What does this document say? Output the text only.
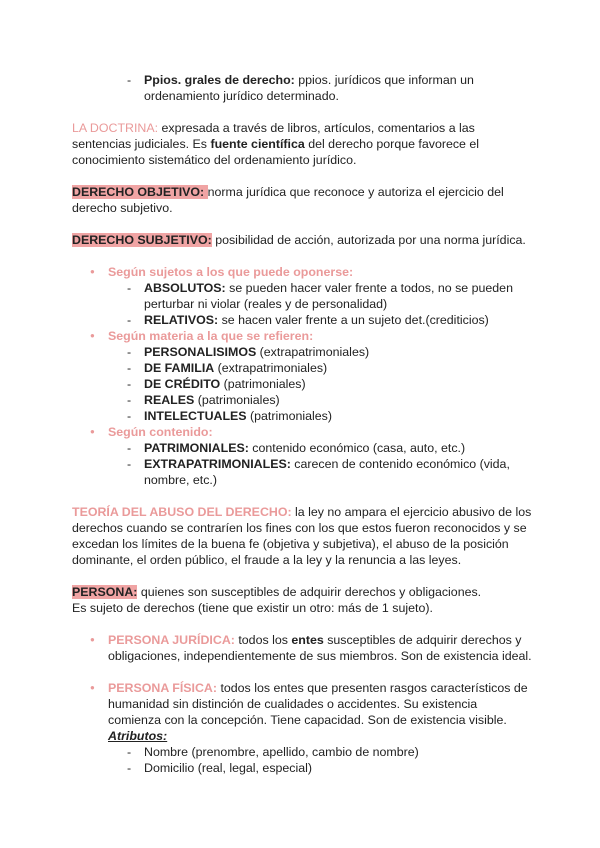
- Ppios. grales de derecho: ppios. jurídicos que informan un ordenamiento jurídico determinado.

LA DOCTRINA: expresada a través de libros, artículos, comentarios a las sentencias judiciales. Es fuente científica del derecho porque favorece el conocimiento sistemático del ordenamiento jurídico.

DERECHO OBJETIVO: norma jurídica que reconoce y autoriza el ejercicio del derecho subjetivo.

DERECHO SUBJETIVO: posibilidad de acción, autorizada por una norma jurídica.

● Según sujetos a los que puede oponerse:
- ABSOLUTOS: se pueden hacer valer frente a todos, no se pueden perturbar ni violar (reales y de personalidad)
- RELATIVOS: se hacen valer frente a un sujeto det.(crediticios)
● Según materia a la que se refieren:
- PERSONALISIMOS (extrapatrimoniales)
- DE FAMILIA (extrapatrimoniales)
- DE CRÉDITO (patrimoniales)
- REALES (patrimoniales)
- INTELECTUALES (patrimoniales)
● Según contenido:
- PATRIMONIALES: contenido económico (casa, auto, etc.)
- EXTRAPATRIMONIALES: carecen de contenido económico (vida, nombre, etc.)

TEORÍA DEL ABUSO DEL DERECHO: la ley no ampara el ejercicio abusivo de los derechos cuando se contraríen los fines con los que estos fueron reconocidos y se excedan los límites de la buena fe (objetiva y subjetiva), el abuso de la posición dominante, el orden público, el fraude a la ley y la renuncia a las leyes.

PERSONA: quienes son susceptibles de adquirir derechos y obligaciones.
Es sujeto de derechos (tiene que existir un otro: más de 1 sujeto).
● PERSONA JURÍDICA: todos los entes susceptibles de adquirir derechos y obligaciones, independientemente de sus miembros. Son de existencia ideal.
● PERSONA FÍSICA: todos los entes que presenten rasgos característicos de humanidad sin distinción de cualidades o accidentes. Su existencia comienza con la concepción. Tiene capacidad. Son de existencia visible.
Atributos:
- Nombre (prenombre, apellido, cambio de nombre)
- Domicilio (real, legal, especial)
